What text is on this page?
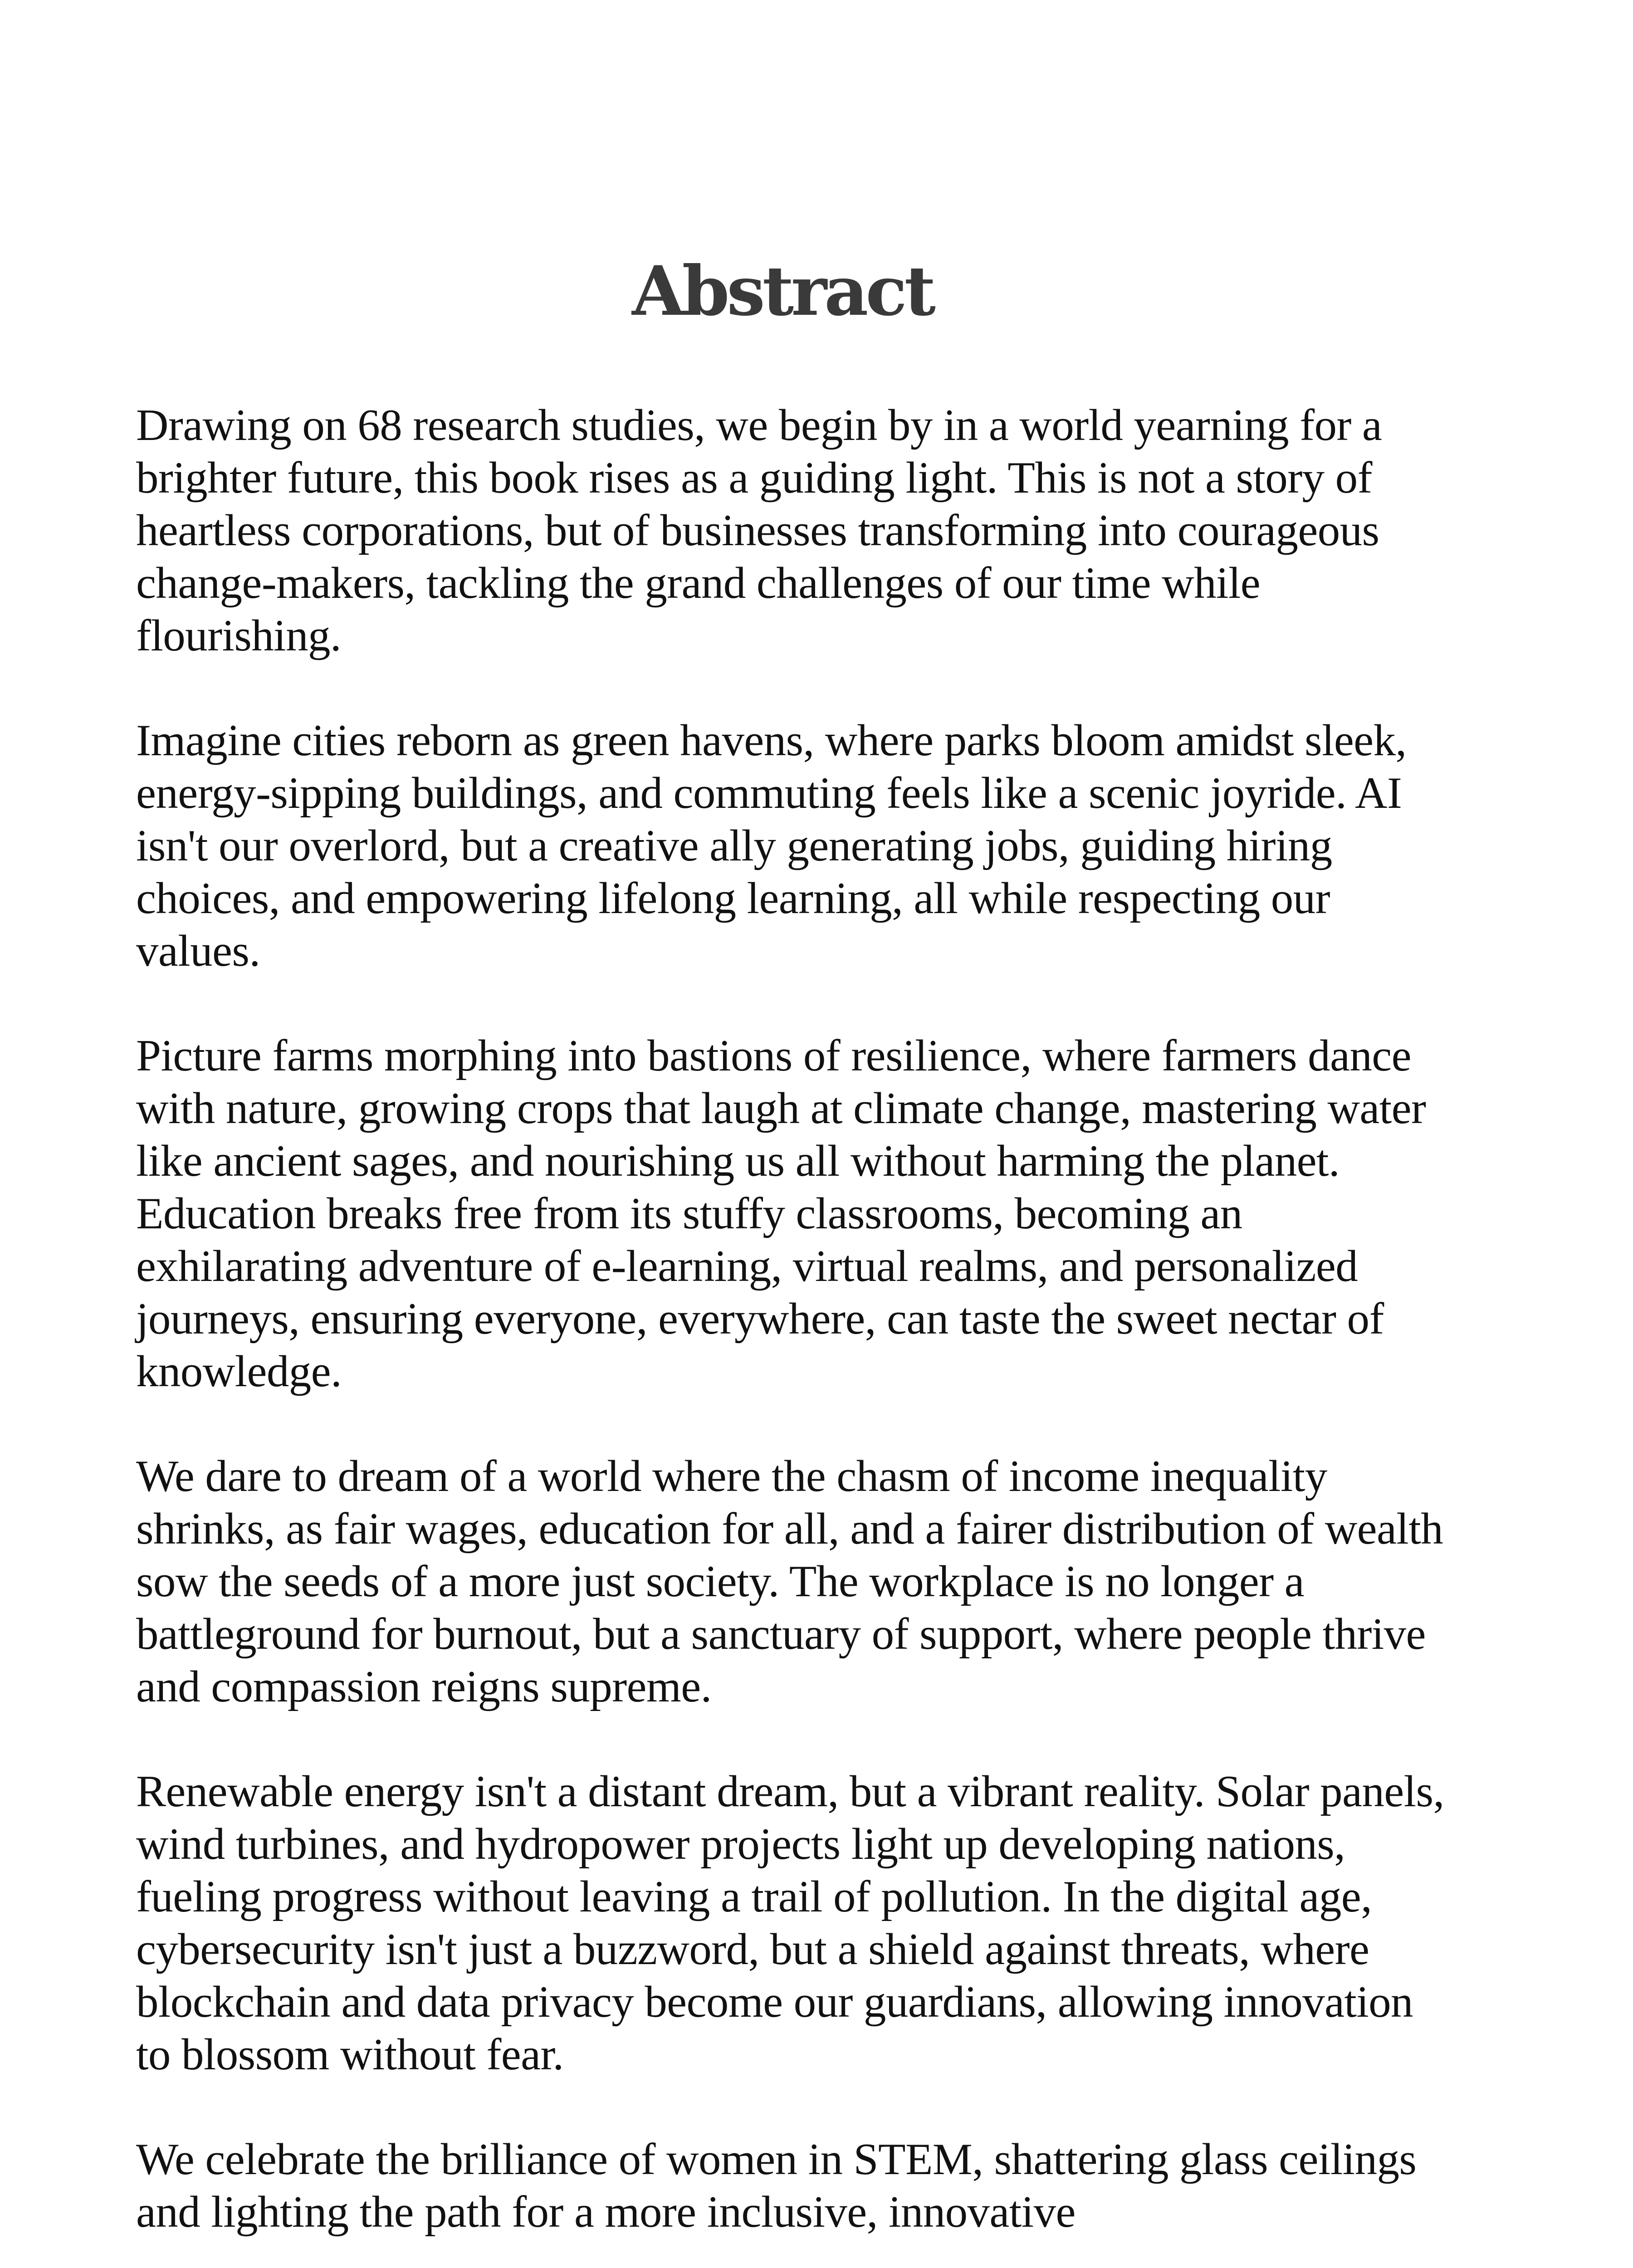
Abstract

Drawing on 68 research studies, we begin by in a world yearning for a brighter future, this book rises as a guiding light. This is not a story of heartless corporations, but of businesses transforming into courageous change-makers, tackling the grand challenges of our time while flourishing.

Imagine cities reborn as green havens, where parks bloom amidst sleek, energy-sipping buildings, and commuting feels like a scenic joyride. AI isn't our overlord, but a creative ally generating jobs, guiding hiring choices, and empowering lifelong learning, all while respecting our values.

Picture farms morphing into bastions of resilience, where farmers dance with nature, growing crops that laugh at climate change, mastering water like ancient sages, and nourishing us all without harming the planet. Education breaks free from its stuffy classrooms, becoming an exhilarating adventure of e-learning, virtual realms, and personalized journeys, ensuring everyone, everywhere, can taste the sweet nectar of knowledge.

We dare to dream of a world where the chasm of income inequality shrinks, as fair wages, education for all, and a fairer distribution of wealth sow the seeds of a more just society. The workplace is no longer a battleground for burnout, but a sanctuary of support, where people thrive and compassion reigns supreme.

Renewable energy isn't a distant dream, but a vibrant reality. Solar panels, wind turbines, and hydropower projects light up developing nations, fueling progress without leaving a trail of pollution. In the digital age, cybersecurity isn't just a buzzword, but a shield against threats, where blockchain and data privacy become our guardians, allowing innovation to blossom without fear.

We celebrate the brilliance of women in STEM, shattering glass ceilings and lighting the path for a more inclusive, innovative
